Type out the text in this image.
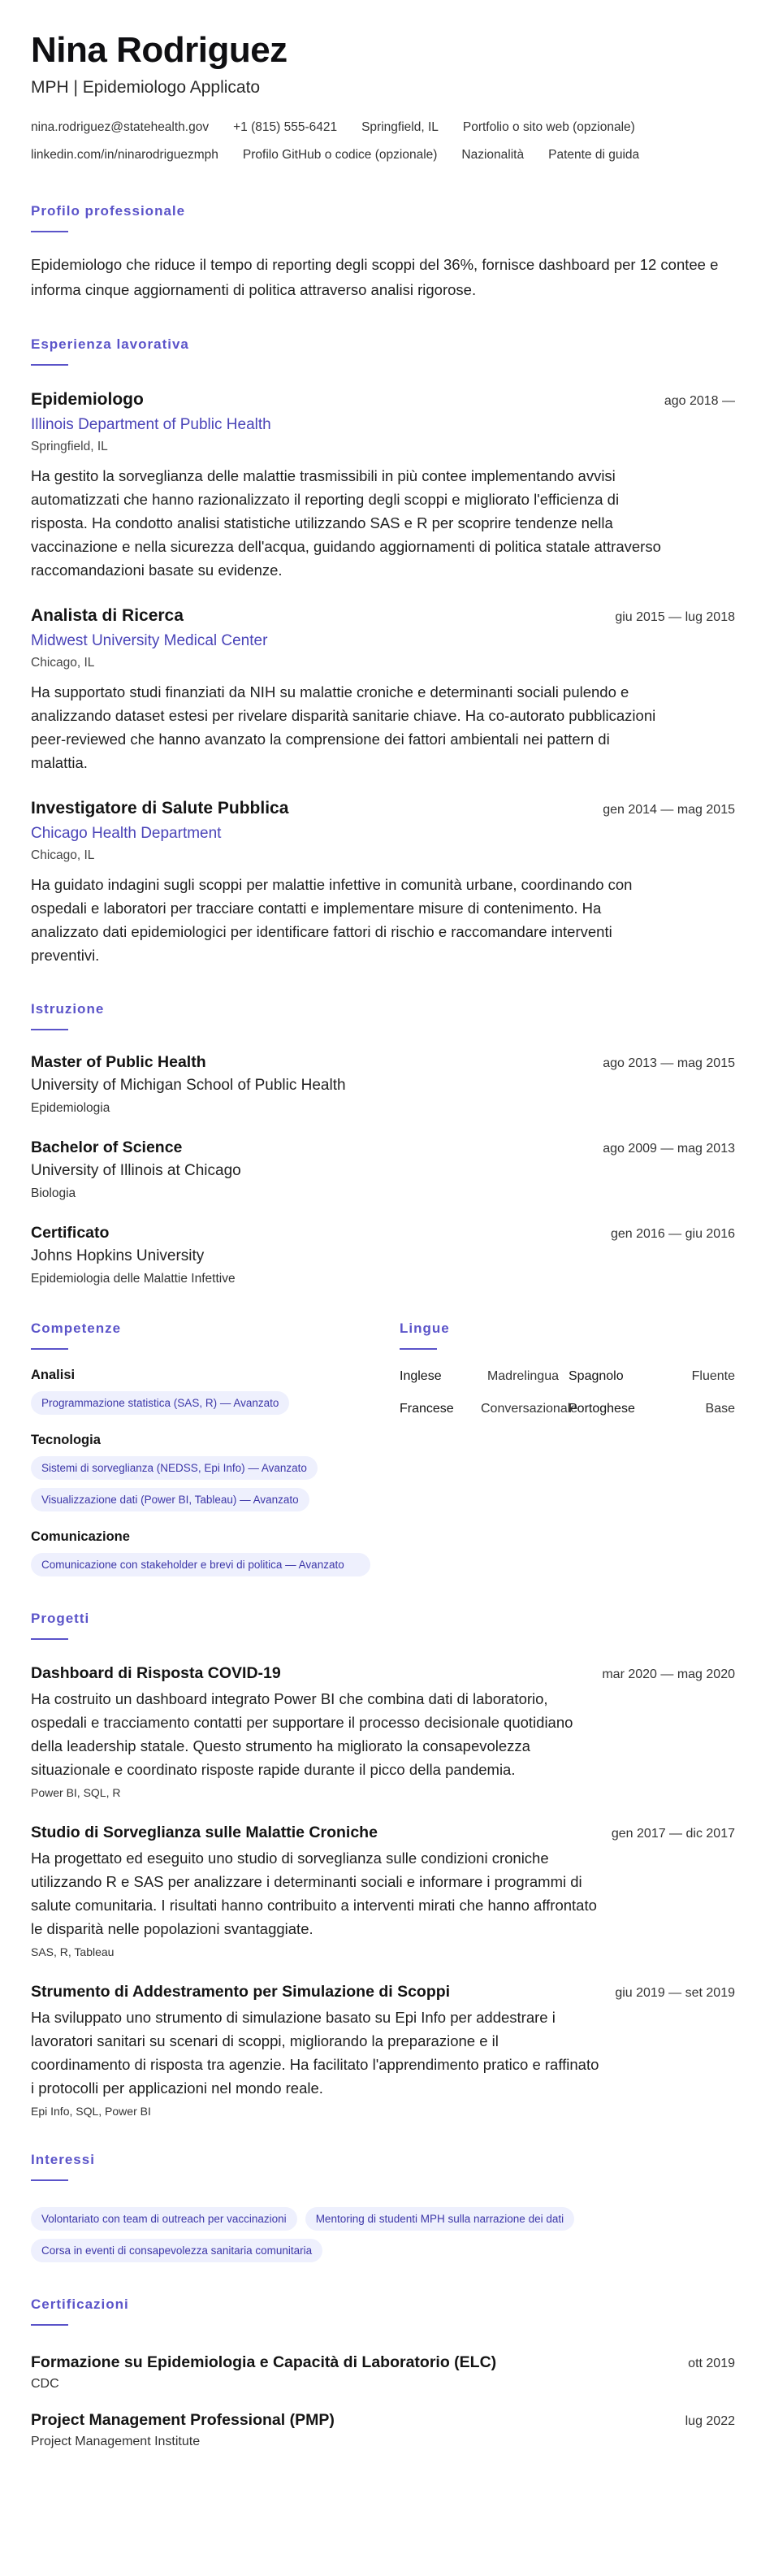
Nina Rodriguez
MPH | Epidemiologo Applicato
nina.rodriguez@statehealth.gov +1 (815) 555-6421 Springfield, IL Portfolio o sito web (opzionale)
linkedin.com/in/ninarodriguezmph Profilo GitHub o codice (opzionale) Nazionalità Patente di guida
Profilo professionale

Epidemiologo che riduce il tempo di reporting degli scoppi del 36%, fornisce dashboard per 12 contee e informa cinque aggiornamenti di politica attraverso analisi rigorose.

Esperienza lavorativa
Epidemiologo	ago 2018 —
Illinois Department of Public Health
Springfield, IL

Ha gestito la sorveglianza delle malattie trasmissibili in più contee implementando avvisi automatizzati che hanno razionalizzato il reporting degli scoppi e migliorato l'efficienza di risposta. Ha condotto analisi statistiche utilizzando SAS e R per scoprire tendenze nella vaccinazione e nella sicurezza dell'acqua, guidando aggiornamenti di politica statale attraverso raccomandazioni basate su evidenze.

Analista di Ricerca	giu 2015 — lug 2018
Midwest University Medical Center
Chicago, IL

Ha supportato studi finanziati da NIH su malattie croniche e determinanti sociali pulendo e analizzando dataset estesi per rivelare disparità sanitarie chiave. Ha co-autorato pubblicazioni peer-reviewed che hanno avanzato la comprensione dei fattori ambientali nei pattern di malattia.

Investigatore di Salute Pubblica	gen 2014 — mag 2015
Chicago Health Department
Chicago, IL

Ha guidato indagini sugli scoppi per malattie infettive in comunità urbane, coordinando con ospedali e laboratori per tracciare contatti e implementare misure di contenimento. Ha analizzato dati epidemiologici per identificare fattori di rischio e raccomandare interventi preventivi.

Istruzione
Master of Public Health	ago 2013 — mag 2015
University of Michigan School of Public Health
Epidemiologia
Bachelor of Science	ago 2009 — mag 2013
University of Illinois at Chicago
Biologia
Certificato	gen 2016 — giu 2016
Johns Hopkins University
Epidemiologia delle Malattie Infettive
Competenze
Analisi
Programmazione statistica (SAS, R) — Avanzato
Tecnologia
Sistemi di sorveglianza (NEDSS, Epi Info) — Avanzato
Visualizzazione dati (Power BI, Tableau) — Avanzato
Comunicazione
Comunicazione con stakeholder e brevi di politica — Avanzato
Lingue
Inglese	Madrelingua Spagnolo	Fluente
Francese	Conversazionale
Portoghese	Base
Progetti
Dashboard di Risposta COVID-19	mar 2020 — mag 2020

Ha costruito un dashboard integrato Power BI che combina dati di laboratorio, ospedali e tracciamento contatti per supportare il processo decisionale quotidiano della leadership statale. Questo strumento ha migliorato la consapevolezza situazionale e coordinato risposte rapide durante il picco della pandemia.

Power BI, SQL, R
Studio di Sorveglianza sulle Malattie Croniche	gen 2017 — dic 2017

Ha progettato ed eseguito uno studio di sorveglianza sulle condizioni croniche utilizzando R e SAS per analizzare i determinanti sociali e informare i programmi di salute comunitaria. I risultati hanno contribuito a interventi mirati che hanno affrontato le disparità nelle popolazioni svantaggiate.

SAS, R, Tableau
Strumento di Addestramento per Simulazione di Scoppi	giu 2019 — set 2019

Ha sviluppato uno strumento di simulazione basato su Epi Info per addestrare i lavoratori sanitari su scenari di scoppi, migliorando la preparazione e il coordinamento di risposta tra agenzie. Ha facilitato l'apprendimento pratico e raffinato i protocolli per applicazioni nel mondo reale.

Epi Info, SQL, Power BI
Interessi
Volontariato con team di outreach per vaccinazioni	Mentoring di studenti MPH sulla narrazione dei dati
Corsa in eventi di consapevolezza sanitaria comunitaria
Certificazioni
Formazione su Epidemiologia e Capacità di Laboratorio (ELC)	ott 2019
CDC
Project Management Professional (PMP)	lug 2022
Project Management Institute
